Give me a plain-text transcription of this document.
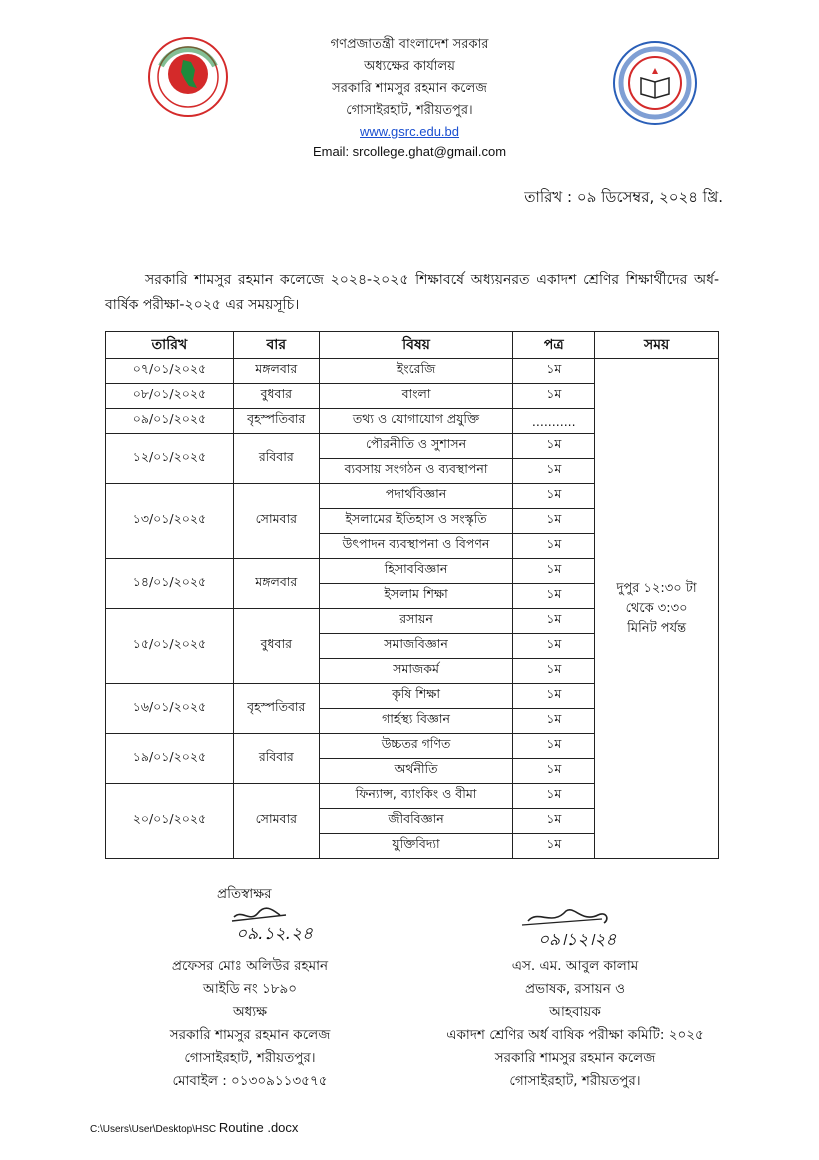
গণপ্রজাতন্ত্রী বাংলাদেশ সরকার
অধ্যক্ষের কার্যালয়
সরকারি শামসুর রহমান কলেজ
গোসাইরহাট, শরীয়তপুর।
www.gsrc.edu.bd
Email: srcollege.ghat@gmail.com
তারিখ : ০৯ ডিসেম্বর, ২০২৪ খ্রি.

সরকারি শামসুর রহমান কলেজে ২০২৪-২০২৫ শিক্ষাবর্ষে অধ্যয়নরত একাদশ শ্রেণির শিক্ষার্থীদের অর্ধ-বার্ষিক পরীক্ষা-২০২৫ এর সময়সূচি।

তারিখ	বার	বিষয়	পত্র	সময়
০৭/০১/২০২৫	মঙ্গলবার	ইংরেজি	১ম	দুপুর ১২:৩০ টা
থেকে ৩:৩০
মিনিট পর্যন্ত

০৮/০১/২০২৫	বুধবার	বাংলা	১ম	
০৯/০১/২০২৫	বৃহস্পতিবার	তথ্য ও যোগাযোগ প্রযুক্তি	...........	
১২/০১/২০২৫	রবিবার	পৌরনীতি ও সুশাসন	১ম	
		ব্যবসায় সংগঠন ও ব্যবস্থাপনা	১ম	
১৩/০১/২০২৫	সোমবার	পদার্থবিজ্ঞান	১ম	
		ইসলামের ইতিহাস ও সংস্কৃতি	১ম	
		উৎপাদন ব্যবস্থাপনা ও বিপণন	১ম	
১৪/০১/২০২৫	মঙ্গলবার	হিসাববিজ্ঞান	১ম	
		ইসলাম শিক্ষা	১ম	
১৫/০১/২০২৫	বুধবার	রসায়ন	১ম	
		সমাজবিজ্ঞান	১ম	
		সমাজকর্ম	১ম	
১৬/০১/২০২৫	বৃহস্পতিবার	কৃষি শিক্ষা	১ম	
		গার্হস্থ্য বিজ্ঞান	১ম	
১৯/০১/২০২৫	রবিবার	উচ্চতর গণিত	১ম	
		অর্থনীতি	১ম	
২০/০১/২০২৫	সোমবার	ফিন্যান্স, ব্যাংকিং ও বীমা	১ম	
		জীববিজ্ঞান	১ম	
		যুক্তিবিদ্যা	১ম	
প্রতিস্বাক্ষর
০৯.১২.২৪	০৯।১২।২৪
প্রফেসর মোঃ অলিউর রহমান
আইডি নং ১৮৯০
অধ্যক্ষ
সরকারি শামসুর রহমান কলেজ
গোসাইরহাট, শরীয়তপুর।
মোবাইল : ০১৩০৯১১৩৫৭৫
এস. এম. আবুল কালাম
প্রভাষক, রসায়ন ও
আহবায়ক
একাদশ শ্রেণির অর্ধ বাষিক পরীক্ষা কমিটি: ২০২৫
সরকারি শামসুর রহমান কলেজ
গোসাইরহাট, শরীয়তপুর।
C:\Users\User\Desktop\HSC Routine .docx
